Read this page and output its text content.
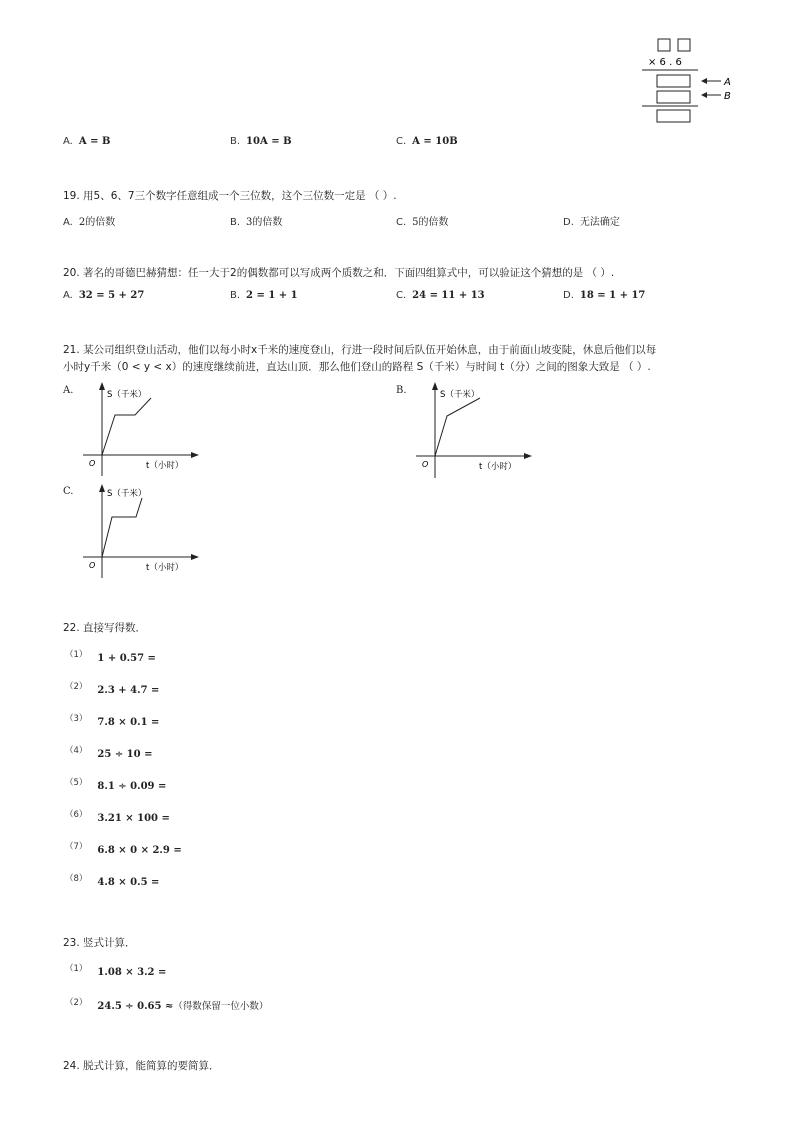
× 6 . 6
A
B
A. A = B	B. 10A = B	C. A = 10B
19. 用5、6、7三个数字任意组成一个三位数，这个三位数一定是 （ ）.
A. 2的倍数	B. 3的倍数	C. 5的倍数	D. 无法确定
20. 著名的哥德巴赫猜想：任一大于2的偶数都可以写成两个质数之和．下面四组算式中，可以验证这个猜想的是 （ ）.
A. 32 = 5 + 27	B. 2 = 1 + 1	C. 24 = 11 + 13	D. 18 = 1 + 17
21. 某公司组织登山活动，他们以每小时x千米的速度登山，行进一段时间后队伍开始休息，由于前面山坡变陡，休息后他们以每
小时y千米（0 < y < x）的速度继续前进，直达山顶．那么他们登山的路程 S（千米）与时间 t（分）之间的图象大致是 （ ）.
A.	S（千米）
t（小时）
O
B.	S（千米）
t（小时）
O
C.	S（千米）
t（小时）
O
22. 直接写得数．
$^{(1)}$ 1 + 0.57 =
$^{(2)}$ 2.3 + 4.7 =
$^{(3)}$ 7.8 × 0.1 =
$^{(4)}$ 25 ÷ 10 =
$^{(5)}$ 8.1 ÷ 0.09 =
$^{(6)}$ 3.21 × 100 =
$^{(7)}$ 6.8 × 0 × 2.9 =
$^{(8)}$ 4.8 × 0.5 =
23. 竖式计算．
$^{(1)}$ 1.08 × 3.2 =
$^{(2)}$ 24.5 ÷ 0.65 ≈（得数保留一位小数）
24. 脱式计算，能简算的要简算．
